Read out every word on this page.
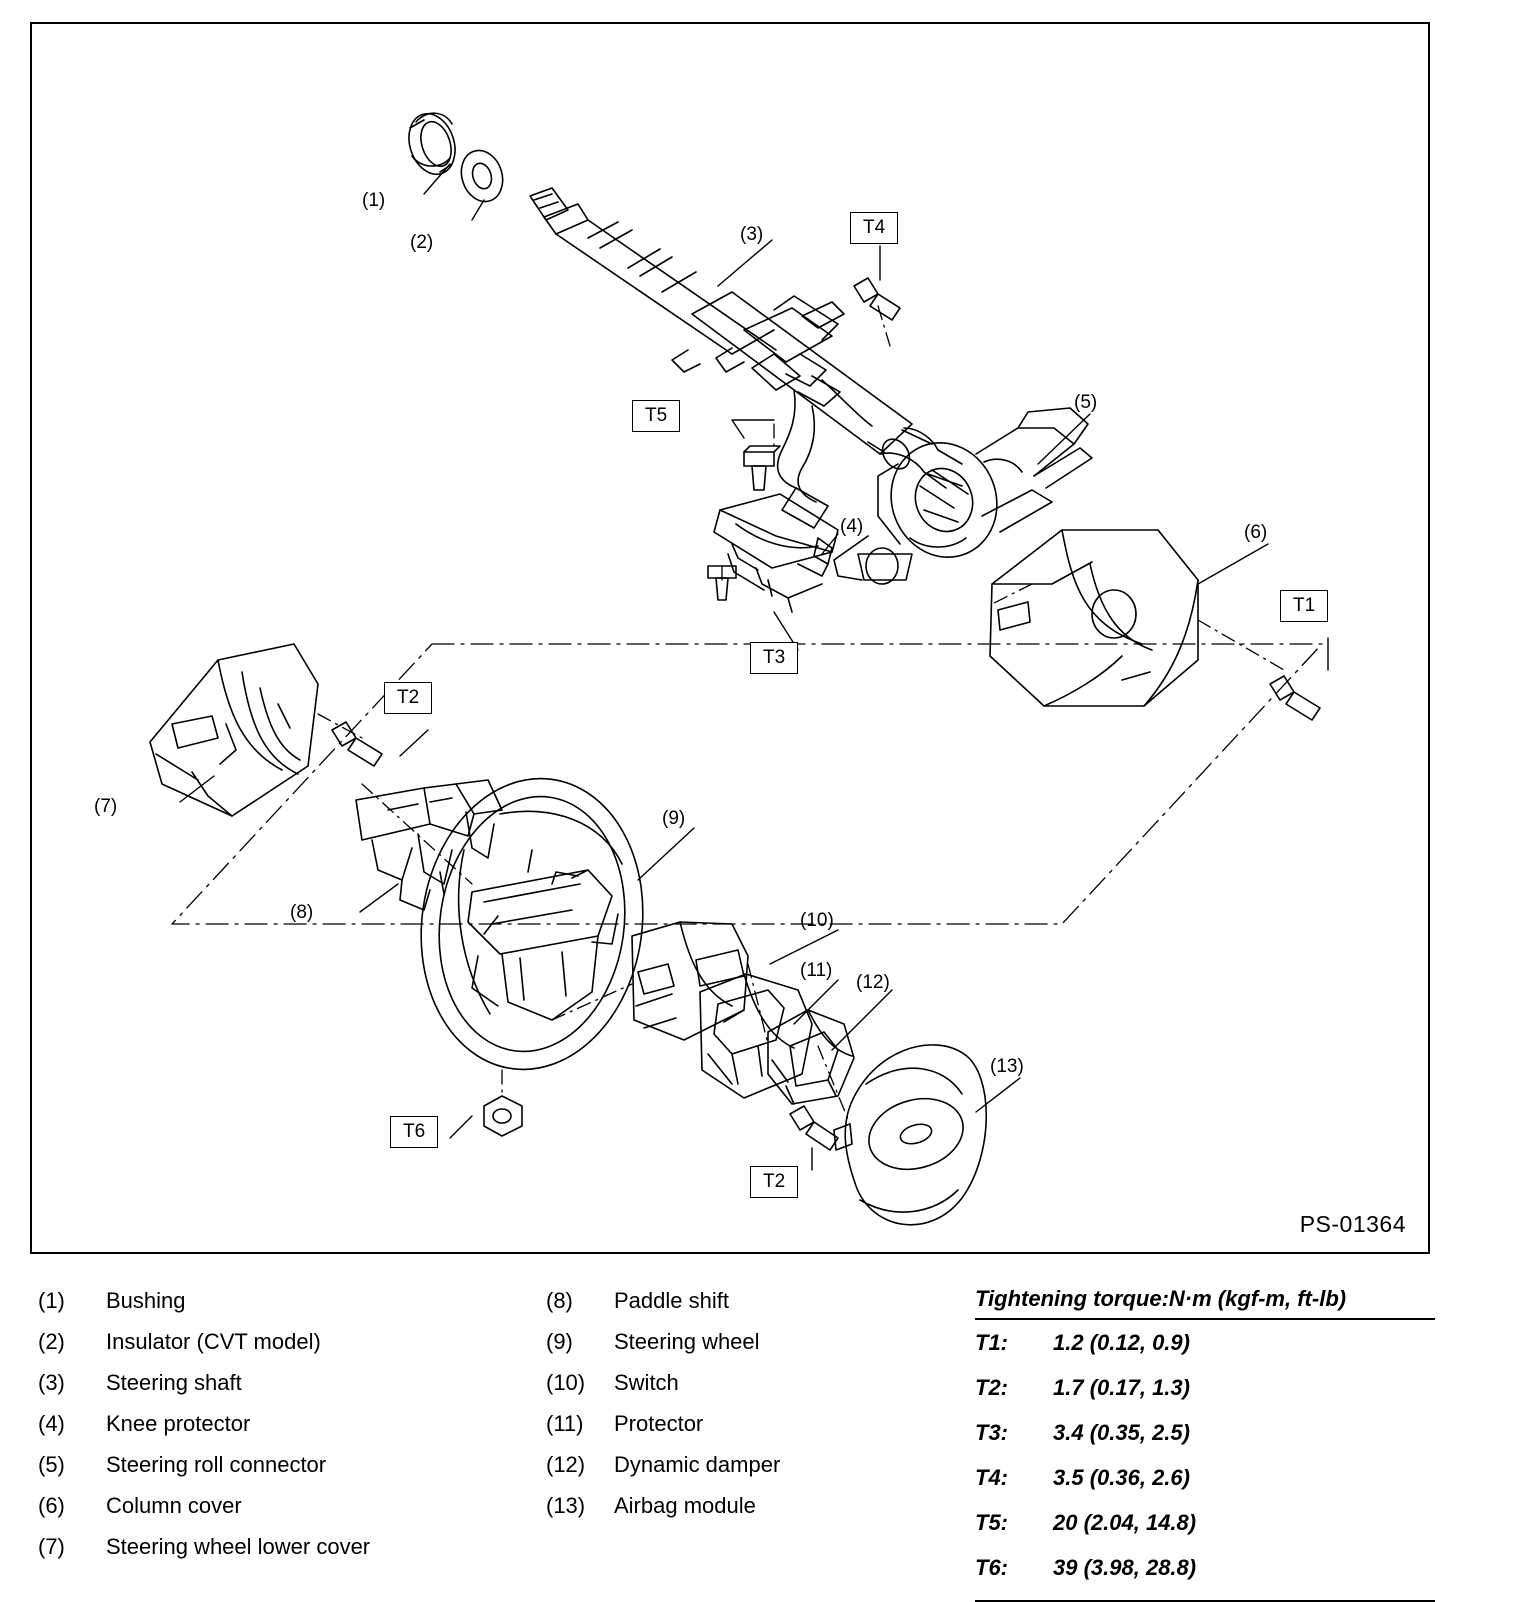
(1)
(2)	(3)
(4)
(5)
(6)
(7)
(8)
(9)
(10)
(11)
(12)
(13)
T4
T5
T3
T1
T2
T6
T2
PS-01364
(1)	Bushing
(2)	Insulator (CVT model)
(3)	Steering shaft
(4)	Knee protector
(5)	Steering roll connector
(6)	Column cover
(7)	Steering wheel lower cover
(8)	Paddle shift
(9)	Steering wheel
(10)	Switch
(11)	Protector
(12)	Dynamic damper
(13)	Airbag module
Tightening torque:N·m (kgf-m, ft-lb)
T1:	1.2 (0.12, 0.9)
T2:	1.7 (0.17, 1.3)
T3:	3.4 (0.35, 2.5)
T4:	3.5 (0.36, 2.6)
T5:	20 (2.04, 14.8)
T6:	39 (3.98, 28.8)
